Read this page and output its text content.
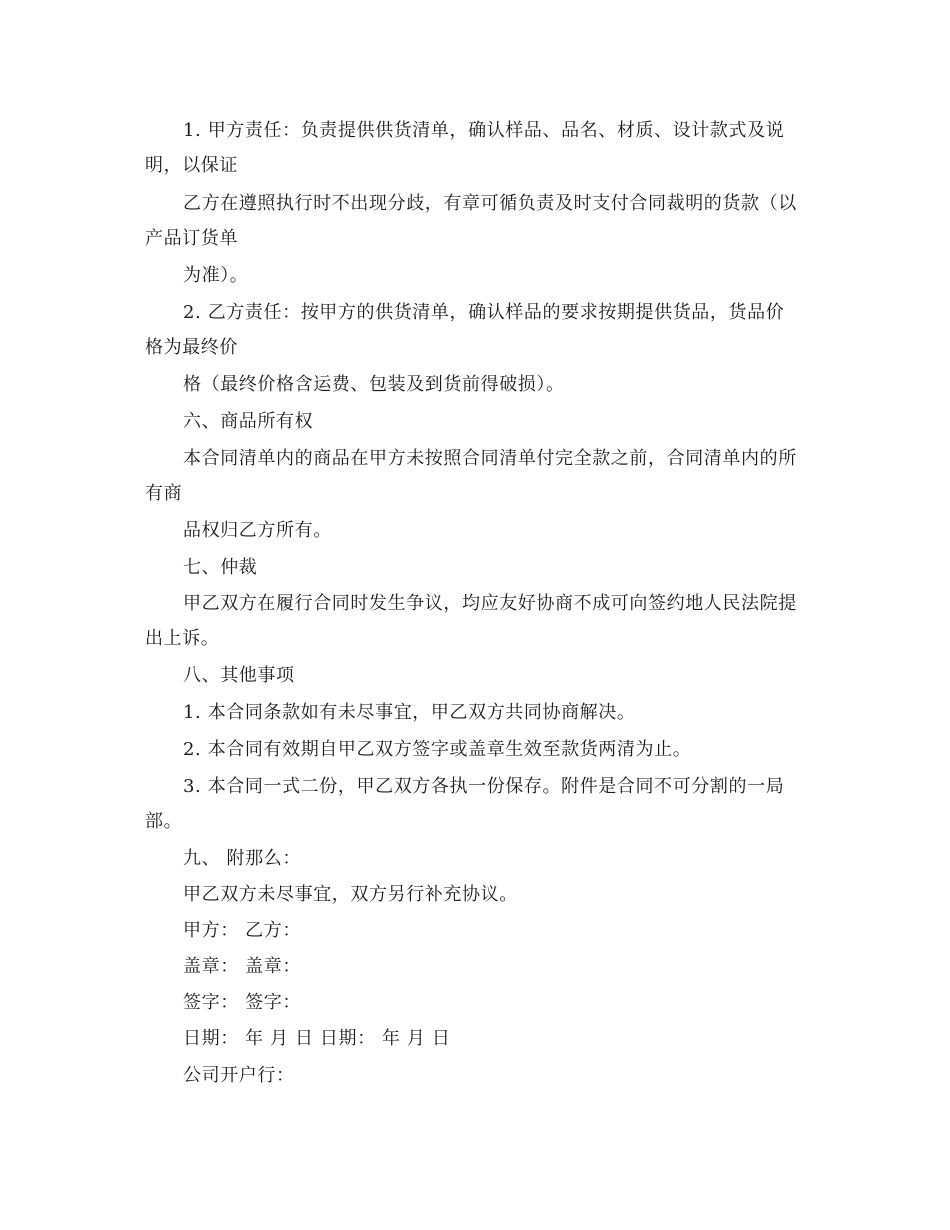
1. 甲方责任：负责提供供货清单，确认样品、品名、材质、设计款式及说
明，以保证
乙方在遵照执行时不出现分歧，有章可循负责及时支付合同裁明的货款（以
产品订货单
为准）。
2. 乙方责任：按甲方的供货清单，确认样品的要求按期提供货品，货品价
格为最终价
格（最终价格含运费、包装及到货前得破损）。
六、商品所有权
本合同清单内的商品在甲方未按照合同清单付完全款之前，合同清单内的所
有商
品权归乙方所有。
七、仲裁
甲乙双方在履行合同时发生争议，均应友好协商不成可向签约地人民法院提
出上诉。
八、其他事项
1. 本合同条款如有未尽事宜，甲乙双方共同协商解决。
2. 本合同有效期自甲乙双方签字或盖章生效至款货两清为止。
3. 本合同一式二份，甲乙双方各执一份保存。附件是合同不可分割的一局
部。
九、 附那么：
甲乙双方未尽事宜，双方另行补充协议。
甲方： 乙方：
盖章： 盖章：
签字： 签字：
日期： 年 月 日 日期： 年 月 日
公司开户行：
